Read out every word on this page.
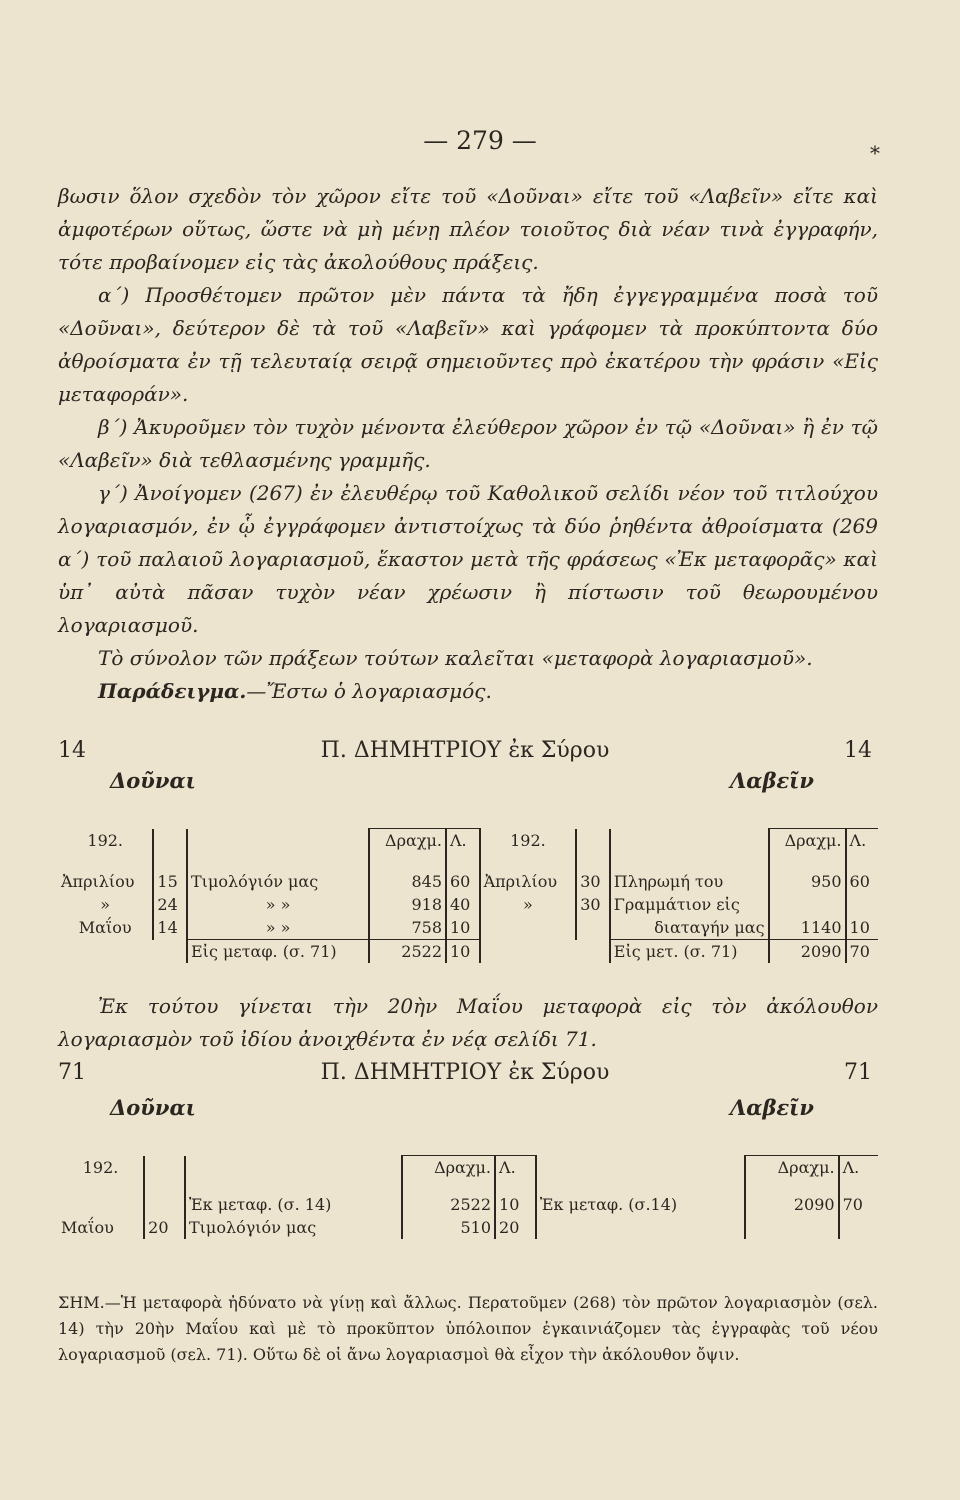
— 279 —	⁎

βωσιν ὅλον σχεδὸν τὸν χῶρον εἴτε τοῦ «Δοῦναι» εἴτε τοῦ «Λαβεῖν» εἴτε καὶ ἀμφοτέρων οὕτως, ὥστε νὰ μὴ μένῃ πλέον τοιοῦτος διὰ νέαν τινὰ ἐγγραφήν, τότε προβαίνομεν εἰς τὰς ἀκολούθους πράξεις.

α΄) Προσθέτομεν πρῶτον μὲν πάντα τὰ ἤδη ἐγγεγραμμένα ποσὰ τοῦ «Δοῦναι», δεύτερον δὲ τὰ τοῦ «Λαβεῖν» καὶ γράφομεν τὰ προκύπτοντα δύο ἀθροίσματα ἐν τῇ τελευταίᾳ σειρᾷ σημειοῦντες πρὸ ἑκατέρου τὴν φράσιν «Εἰς μεταφοράν».

β΄) Ἀκυροῦμεν τὸν τυχὸν μένοντα ἐλεύθερον χῶρον ἐν τῷ «Δοῦναι» ἢ ἐν τῷ «Λαβεῖν» διὰ τεθλασμένης γραμμῆς.

γ΄) Ἀνοίγομεν (267) ἐν ἐλευθέρῳ τοῦ Καθολικοῦ σελίδι νέον τοῦ τιτλούχου λογαριασμόν, ἐν ᾧ ἐγγράφομεν ἀντιστοίχως τὰ δύο ῥηθέντα ἀθροίσματα (269 α΄) τοῦ παλαιοῦ λογαριασμοῦ, ἕκαστον μετὰ τῆς φράσεως «Ἐκ μεταφορᾶς» καὶ ὑπ᾽ αὐτὰ πᾶσαν τυχὸν νέαν χρέωσιν ἢ πίστωσιν τοῦ θεωρουμένου λογαριασμοῦ.

Τὸ σύνολον τῶν πράξεων τούτων καλεῖται «μεταφορὰ λογαριασμοῦ».

Παράδειγμα.—Ἔστω ὁ λογαριασμός.

Π. ΔΗΜΗΤΡΙΟΥ ἐκ Σύρου
14	14
Δοῦναι	Λαβεῖν
192.			Δραχμ.	Λ.	192.			Δραχμ.	Λ.

Ἀπριλίου	15	Τιμολόγιόν μας	845	60	Ἀπριλίου	30	Πληρωμή του	950	60
»	24	» »	918	40	»	30	Γραμμάτιον εἰς		
Μαΐου	14	» »	758	10			διαταγήν μας	1140	10
		Εἰς μεταφ. (σ. 71)	2522	10			Εἰς μετ. (σ. 71)	2090	70

Ἐκ τούτου γίνεται τὴν 20ὴν Μαΐου μεταφορὰ εἰς τὸν ἀκόλουθον λογαριασμὸν τοῦ ἰδίου ἀνοιχθέντα ἐν νέᾳ σελίδι 71.

Π. ΔΗΜΗΤΡΙΟΥ ἐκ Σύρου
71	71
Δοῦναι	Λαβεῖν
192.			Δραχμ.	Λ.		Δραχμ.	Λ.

		Ἐκ μεταφ. (σ. 14)	2522	10	Ἐκ μεταφ. (σ.14)	2090	70
Μαΐου	20	Τιμολόγιόν μας	510	20			
ΣΗΜ.—Ἡ μεταφορὰ ἠδύνατο νὰ γίνῃ καὶ ἄλλως. Περατοῦμεν (268) τὸν πρῶτον λογαριασμὸν (σελ. 14) τὴν 20ὴν Μαΐου καὶ μὲ τὸ προκῦπτον ὑπόλοιπον ἐγκαινιάζομεν τὰς ἐγγραφὰς τοῦ νέου λογαριασμοῦ (σελ. 71). Οὕτω δὲ οἱ ἄνω λογαριασμοὶ θὰ εἶχον τὴν ἀκόλουθον ὄψιν.
